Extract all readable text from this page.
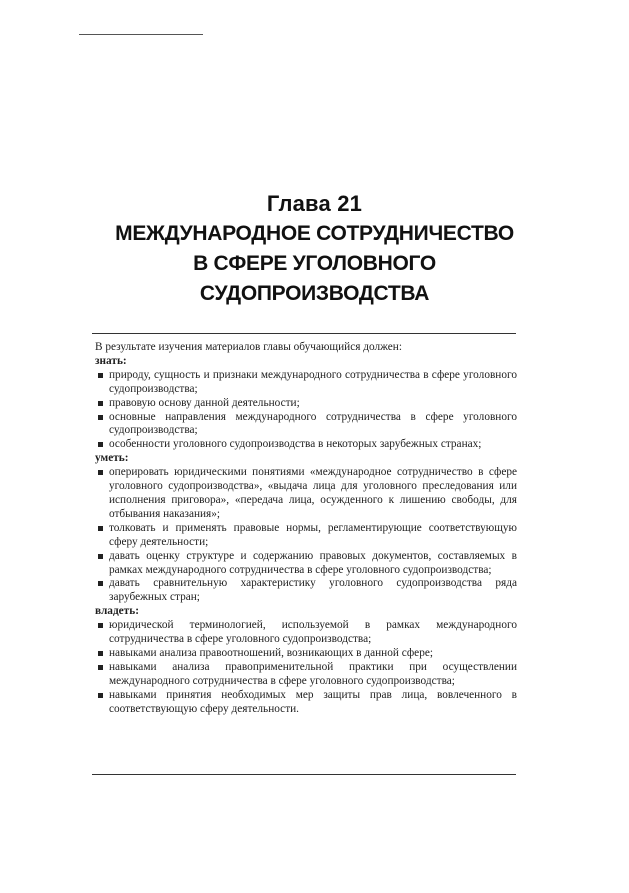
Глава 21
МЕЖДУНАРОДНОЕ СОТРУДНИЧЕСТВО
В СФЕРЕ УГОЛОВНОГО
СУДОПРОИЗВОДСТВА

В результате изучения материалов главы обучающийся должен:

знать:

природу, сущность и признаки международного сотрудничества в сфере уголовного судопроизводства;
правовую основу данной деятельности;
основные направления международного сотрудничества в сфере уголовного судопроизводства;
особенности уголовного судопроизводства в некоторых зарубежных странах;

уметь:

оперировать юридическими понятиями «международное сотрудничество в сфере уголовного судопроизводства», «выдача лица для уголовного преследования или исполнения приговора», «передача лица, осужденного к лишению свободы, для отбывания наказания»;
толковать и применять правовые нормы, регламентирующие соответствующую сферу деятельности;
давать оценку структуре и содержанию правовых документов, составляемых в рамках международного сотрудничества в сфере уголовного судопроизводства;
давать сравнительную характеристику уголовного судопроизводства ряда зарубежных стран;

владеть:

юридической терминологией, используемой в рамках международного сотрудничества в сфере уголовного судопроизводства;
навыками анализа правоотношений, возникающих в данной сфере;
навыками анализа правоприменительной практики при осуществлении международного сотрудничества в сфере уголовного судопроизводства;
навыками принятия необходимых мер защиты прав лица, вовлеченного в соответствующую сферу деятельности.
